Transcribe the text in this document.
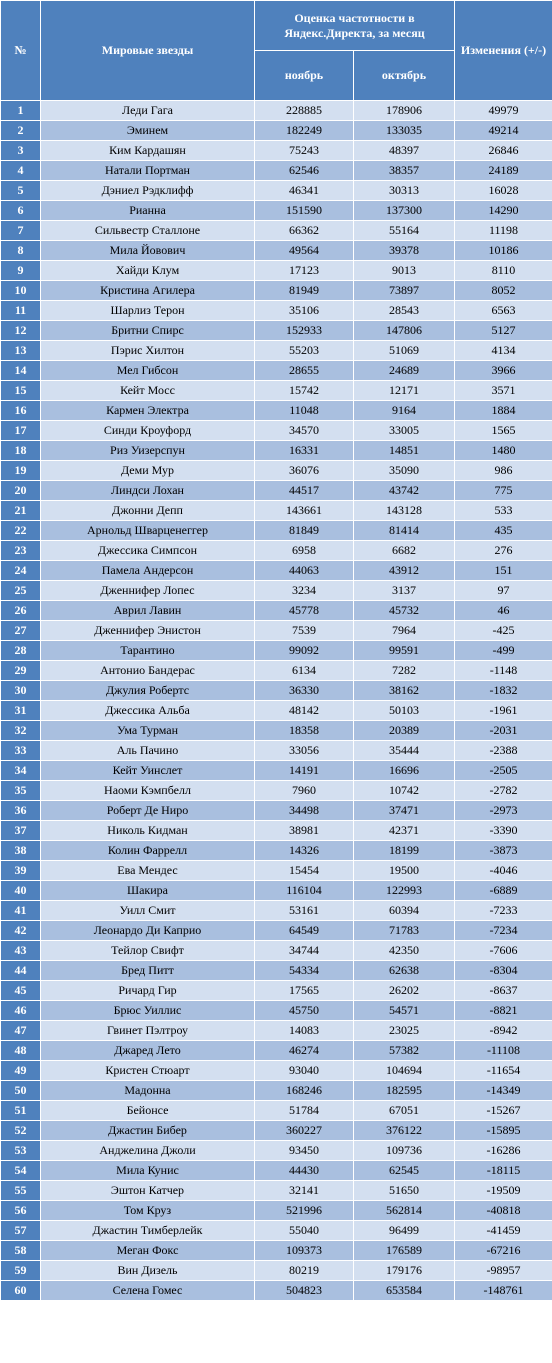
№	Мировые звезды	Оценка частотности в Яндекс.Директа, за месяц		Изменения (+/-)
		ноябрь	октябрь	
1	Леди Гага	228885	178906	49979
2	Эминем	182249	133035	49214
3	Ким Кардашян	75243	48397	26846
4	Натали Портман	62546	38357	24189
5	Дэниел Рэдклифф	46341	30313	16028
6	Рианна	151590	137300	14290
7	Сильвестр Сталлоне	66362	55164	11198
8	Мила Йовович	49564	39378	10186
9	Хайди Клум	17123	9013	8110
10	Кристина Агилера	81949	73897	8052
11	Шарлиз Терон	35106	28543	6563
12	Бритни Спирс	152933	147806	5127
13	Пэрис Хилтон	55203	51069	4134
14	Мел Гибсон	28655	24689	3966
15	Кейт Мосс	15742	12171	3571
16	Кармен Электра	11048	9164	1884
17	Синди Кроуфорд	34570	33005	1565
18	Риз Уизерспун	16331	14851	1480
19	Деми Мур	36076	35090	986
20	Линдси Лохан	44517	43742	775
21	Джонни Депп	143661	143128	533
22	Арнольд Шварценеггер	81849	81414	435
23	Джессика Симпсон	6958	6682	276
24	Памела Андерсон	44063	43912	151
25	Дженнифер Лопес	3234	3137	97
26	Аврил Лавин	45778	45732	46
27	Дженнифер Энистон	7539	7964	-425
28	Тарантино	99092	99591	-499
29	Антонио Бандерас	6134	7282	-1148
30	Джулия Робертс	36330	38162	-1832
31	Джессика Альба	48142	50103	-1961
32	Ума Турман	18358	20389	-2031
33	Аль Пачино	33056	35444	-2388
34	Кейт Уинслет	14191	16696	-2505
35	Наоми Кэмпбелл	7960	10742	-2782
36	Роберт Де Ниро	34498	37471	-2973
37	Николь Кидман	38981	42371	-3390
38	Колин Фаррелл	14326	18199	-3873
39	Ева Мендес	15454	19500	-4046
40	Шакира	116104	122993	-6889
41	Уилл Смит	53161	60394	-7233
42	Леонардо Ди Каприо	64549	71783	-7234
43	Тейлор Свифт	34744	42350	-7606
44	Бред Питт	54334	62638	-8304
45	Ричард Гир	17565	26202	-8637
46	Брюс Уиллис	45750	54571	-8821
47	Гвинет Пэлтроу	14083	23025	-8942
48	Джаред Лето	46274	57382	-11108
49	Кристен Стюарт	93040	104694	-11654
50	Мадонна	168246	182595	-14349
51	Бейонсе	51784	67051	-15267
52	Джастин Бибер	360227	376122	-15895
53	Анджелина Джоли	93450	109736	-16286
54	Мила Кунис	44430	62545	-18115
55	Эштон Катчер	32141	51650	-19509
56	Том Круз	521996	562814	-40818
57	Джастин Тимберлейк	55040	96499	-41459
58	Меган Фокс	109373	176589	-67216
59	Вин Дизель	80219	179176	-98957
60	Селена Гомес	504823	653584	-148761
